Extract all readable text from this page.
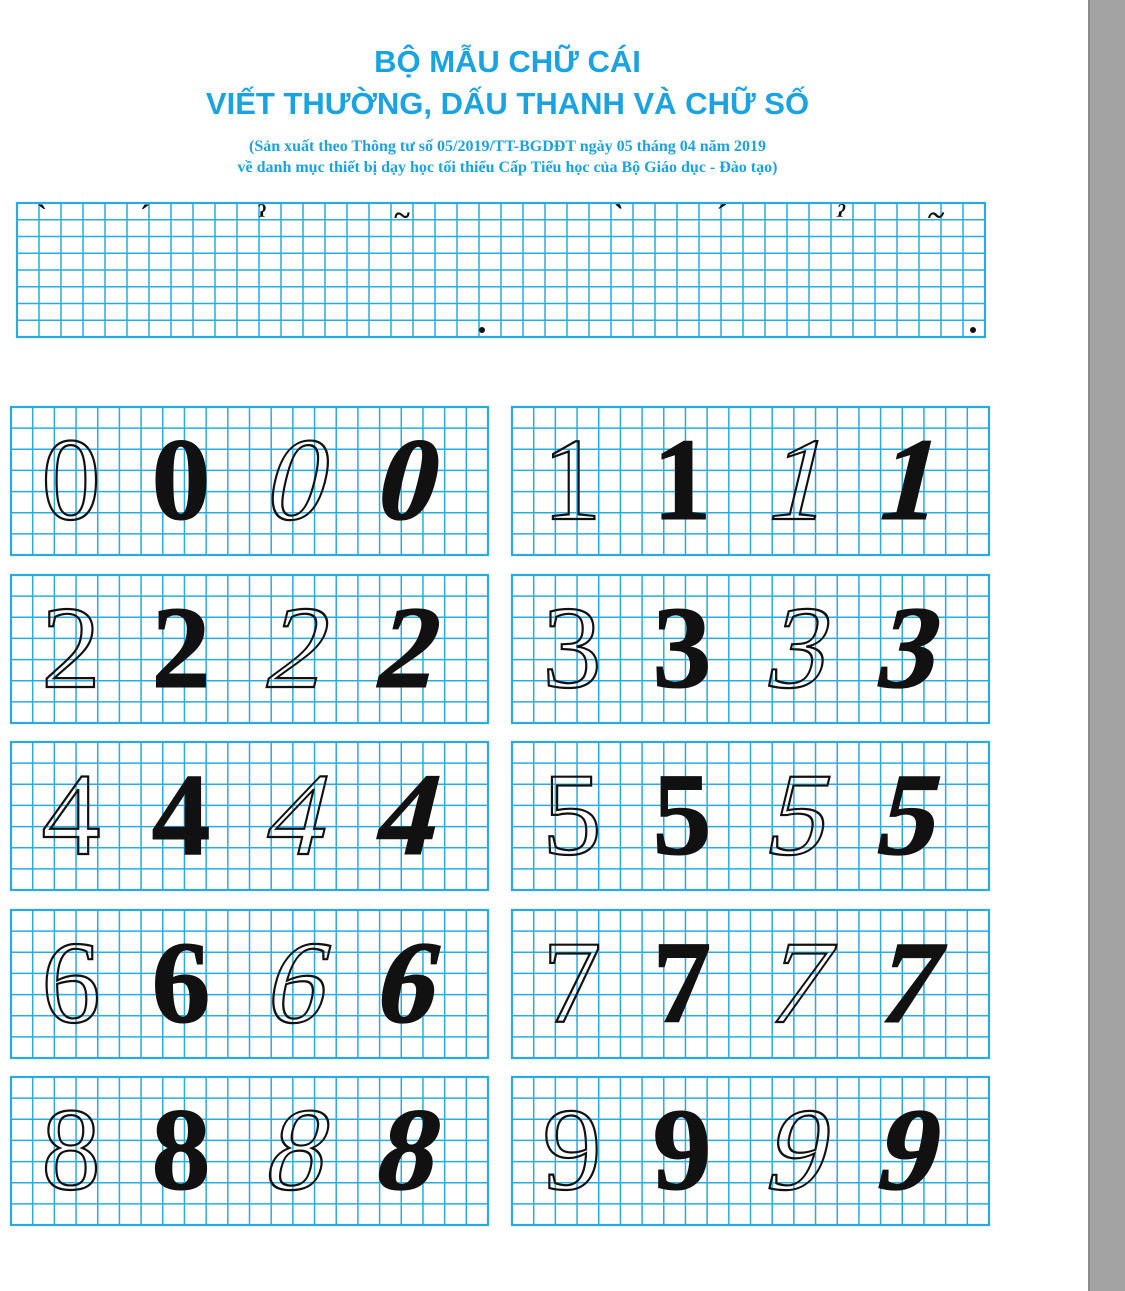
BỘ MẪU CHỮ CÁI
VIẾT THƯỜNG, DẤU THANH VÀ CHỮ SỐ
(Sản xuất theo Thông tư số 05/2019/TT-BGDĐT ngày 05 tháng 04 năm 2019
về danh mục thiết bị dạy học tối thiểu Cấp Tiểu học của Bộ Giáo dục - Đào tạo)
`	´	ˀ	~	`	´	ˀ	~
0 0 0 0 1 1 1 1
2 2 2 2 3 3 3 3
4 4 4 4 5 5 5 5
6 6 6 6 7 7 7 7
8 8 8 8 9 9 9 9
